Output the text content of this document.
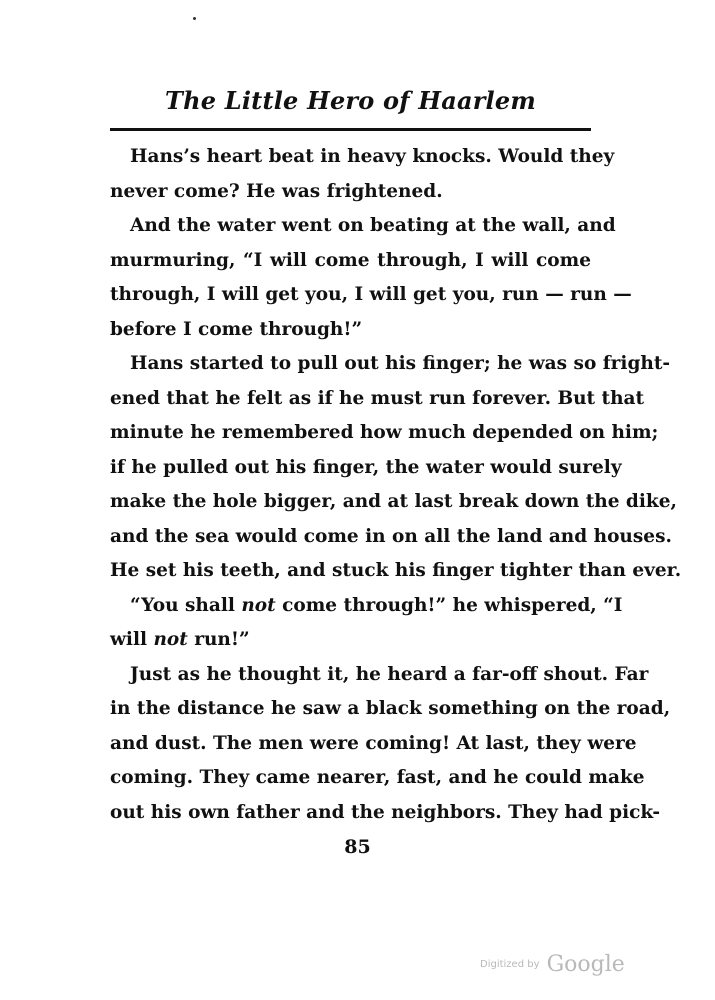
The Little Hero of Haarlem
Hans’s heart beat in heavy knocks. Would they
never come? He was frightened.
And the water went on beating at the wall, and
murmuring, “I will come through, I will come
through, I will get you, I will get you, run — run —
before I come through!”
Hans started to pull out his finger; he was so fright-
ened that he felt as if he must run forever. But that
minute he remembered how much depended on him;
if he pulled out his finger, the water would surely
make the hole bigger, and at last break down the dike,
and the sea would come in on all the land and houses.
He set his teeth, and stuck his finger tighter than ever.
“You shall not come through!” he whispered, “I
will not run!”
Just as he thought it, he heard a far-off shout. Far
in the distance he saw a black something on the road,
and dust. The men were coming! At last, they were
coming. They came nearer, fast, and he could make
out his own father and the neighbors. They had pick-
85
Digitized by Google
